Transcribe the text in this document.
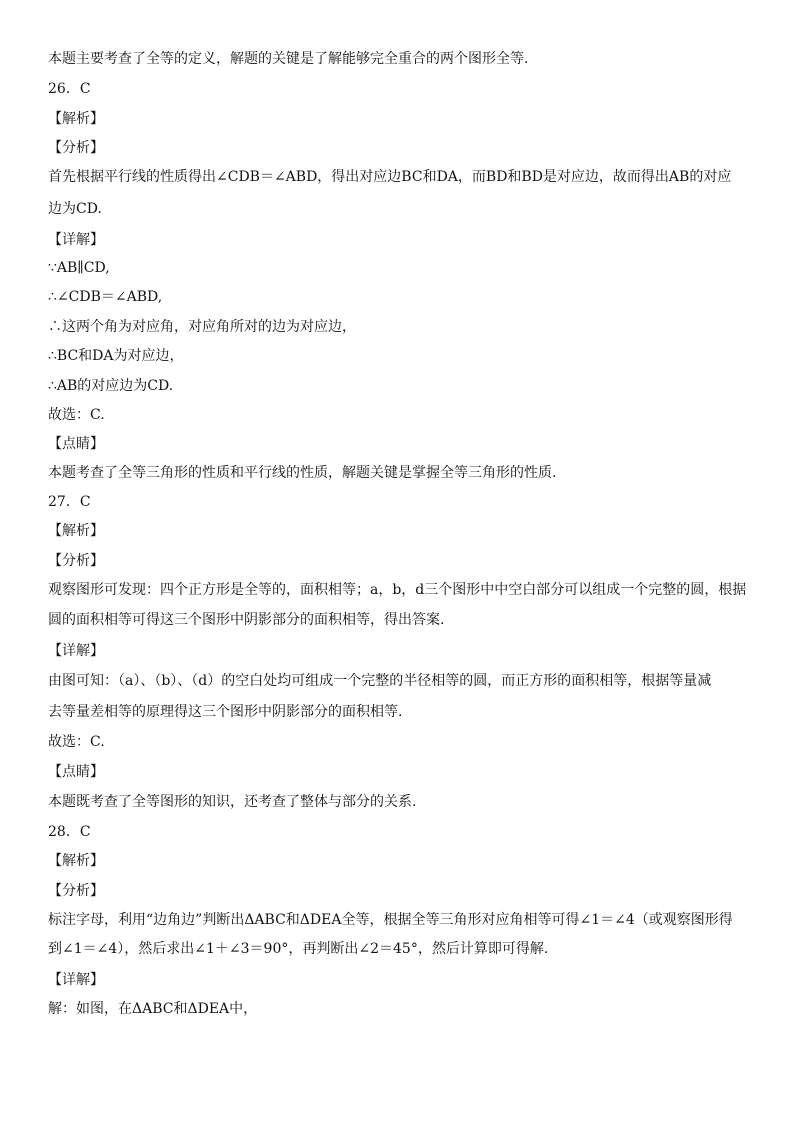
本题主要考查了全等的定义，解题的关键是了解能够完全重合的两个图形全等.
26．C
【解析】
【分析】
首先根据平行线的性质得出∠CDB＝∠ABD，得出对应边BC和DA，而BD和BD是对应边，故而得出AB的对应
边为CD.
【详解】
∵AB∥CD,
∴∠CDB＝∠ABD,
∴这两个角为对应角，对应角所对的边为对应边，
∴BC和DA为对应边，
∴AB的对应边为CD.
故选：C.
【点睛】
本题考查了全等三角形的性质和平行线的性质，解题关键是掌握全等三角形的性质.
27．C
【解析】
【分析】
观察图形可发现：四个正方形是全等的，面积相等；a，b，d三个图形中中空白部分可以组成一个完整的圆，根据
圆的面积相等可得这三个图形中阴影部分的面积相等，得出答案.
【详解】
由图可知：（a）、（b）、（d）的空白处均可组成一个完整的半径相等的圆，而正方形的面积相等，根据等量减
去等量差相等的原理得这三个图形中阴影部分的面积相等.
故选：C.
【点睛】
本题既考查了全等图形的知识，还考查了整体与部分的关系.
28．C
【解析】
【分析】
标注字母，利用“边角边”判断出ΔABC和ΔDEA全等，根据全等三角形对应角相等可得∠1＝∠4（或观察图形得
到∠1＝∠4），然后求出∠1＋∠3＝90°，再判断出∠2＝45°，然后计算即可得解.
【详解】
解：如图，在ΔABC和ΔDEA中，
